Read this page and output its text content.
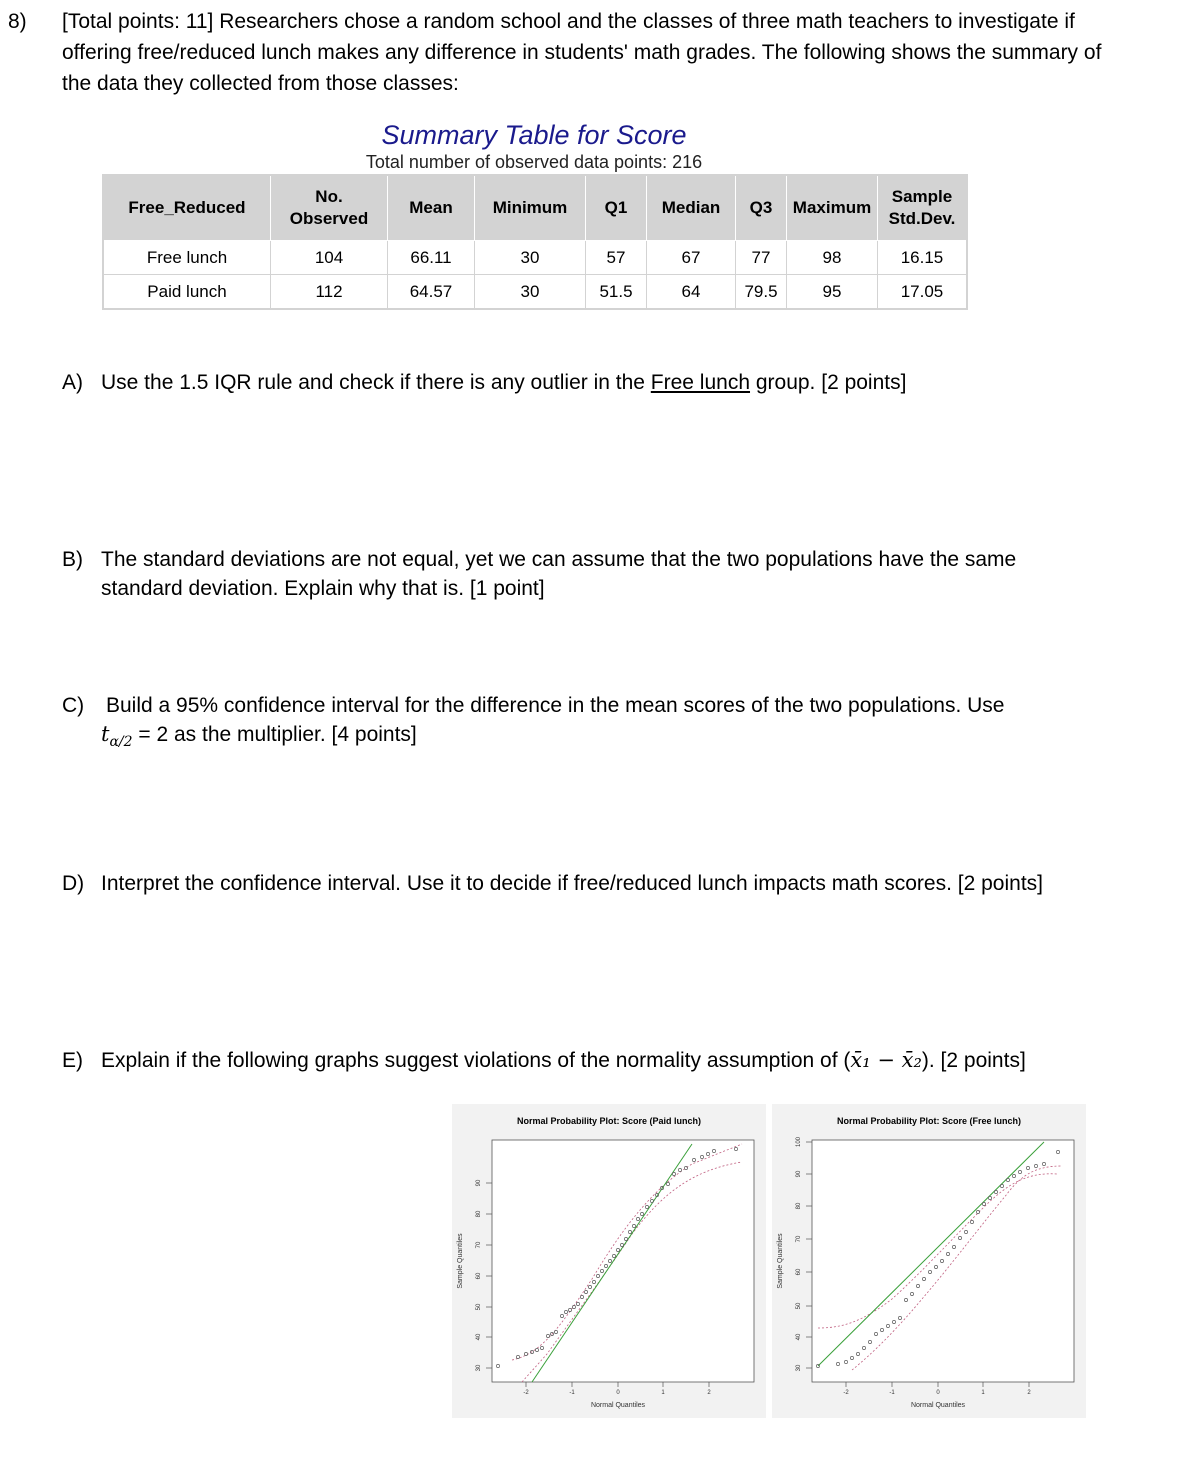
8) [Total points: 11] Researchers chose a random school and the classes of three math teachers to investigate if offering free/reduced lunch makes any difference in students' math grades. The following shows the summary of the data they collected from those classes:
Summary Table for Score
Total number of observed data points: 216
Free_Reduced	No. Observed	Mean	Minimum	Q1	Median	Q3	Maximum	Sample Std.Dev.
Free lunch	104	66.11	30	57	67	77	98	16.15
Paid lunch	112	64.57	30	51.5	64	79.5	95	17.05
A) Use the 1.5 IQR rule and check if there is any outlier in the Free lunch group. [2 points]
B) The standard deviations are not equal, yet we can assume that the two populations have the same standard deviation. Explain why that is. [1 point]
C) Build a 95% confidence interval for the difference in the mean scores of the two populations. Use
$t_{\alpha/2} = 2$ as the multiplier. [4 points]
D) Interpret the confidence interval. Use it to decide if free/reduced lunch impacts math scores. [2 points]
E) Explain if the following graphs suggest violations of the normality assumption of (x̄₁ − x̄₂). [2 points]
Normal Probability Plot: Score (Paid lunch)
30
40
50
60
70
80
90
Sample Quantiles
-2	-1	0	1	2
Normal Quantiles
Normal Probability Plot: Score (Free lunch)
30
40
50
60
70
80
90
100
Sample Quantiles
-2	-1	0	1	2
Normal Quantiles
